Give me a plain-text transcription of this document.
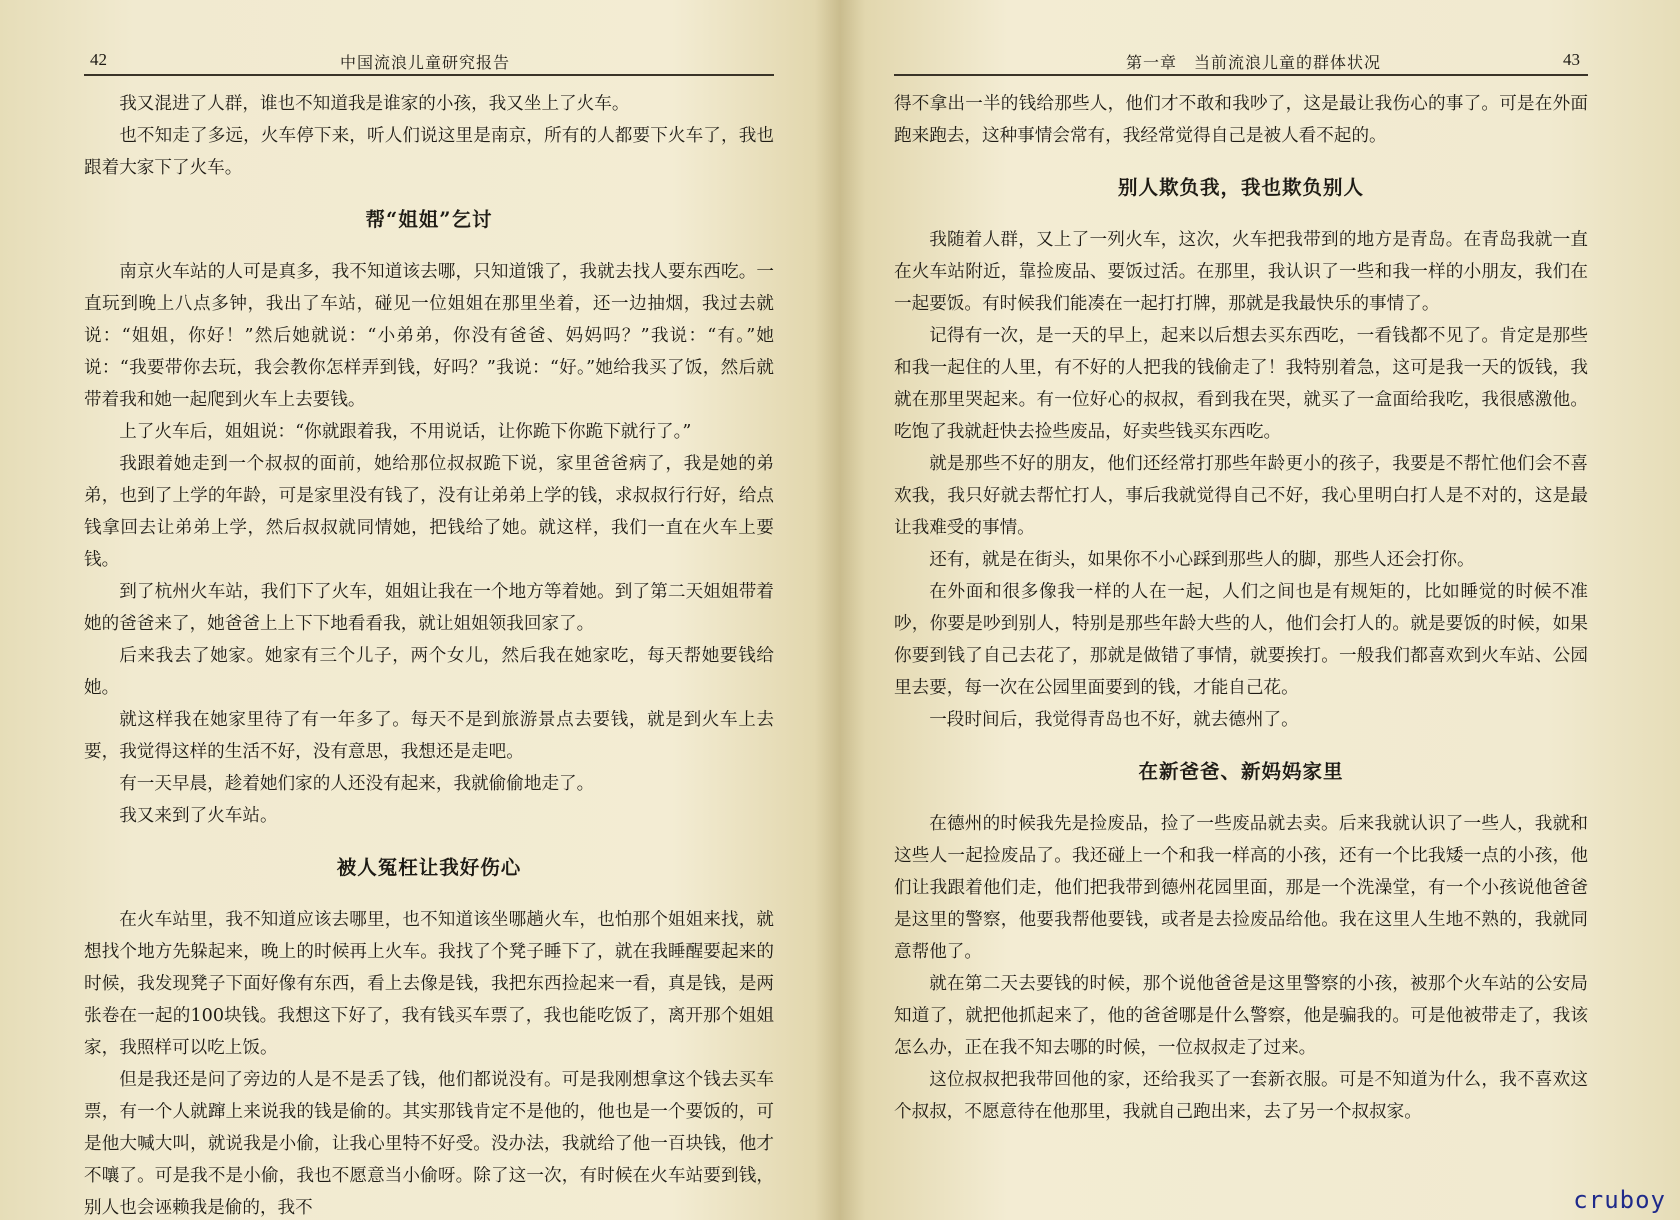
42	中国流浪儿童研究报告

我又混进了人群，谁也不知道我是谁家的小孩，我又坐上了火车。

也不知走了多远，火车停下来，听人们说这里是南京，所有的人都要下火车了，我也跟着大家下了火车。

帮“姐姐”乞讨

南京火车站的人可是真多，我不知道该去哪，只知道饿了，我就去找人要东西吃。一直玩到晚上八点多钟，我出了车站，碰见一位姐姐在那里坐着，还一边抽烟，我过去就说：“姐姐，你好！”然后她就说：“小弟弟，你没有爸爸、妈妈吗？”我说：“有。”她说：“我要带你去玩，我会教你怎样弄到钱，好吗？”我说：“好。”她给我买了饭，然后就带着我和她一起爬到火车上去要钱。

上了火车后，姐姐说：“你就跟着我，不用说话，让你跪下你跪下就行了。”

我跟着她走到一个叔叔的面前，她给那位叔叔跪下说，家里爸爸病了，我是她的弟弟，也到了上学的年龄，可是家里没有钱了，没有让弟弟上学的钱，求叔叔行行好，给点钱拿回去让弟弟上学，然后叔叔就同情她，把钱给了她。就这样，我们一直在火车上要钱。

到了杭州火车站，我们下了火车，姐姐让我在一个地方等着她。到了第二天姐姐带着她的爸爸来了，她爸爸上上下下地看看我，就让姐姐领我回家了。

后来我去了她家。她家有三个儿子，两个女儿，然后我在她家吃，每天帮她要钱给她。

就这样我在她家里待了有一年多了。每天不是到旅游景点去要钱，就是到火车上去要，我觉得这样的生活不好，没有意思，我想还是走吧。

有一天早晨，趁着她们家的人还没有起来，我就偷偷地走了。

我又来到了火车站。

被人冤枉让我好伤心

在火车站里，我不知道应该去哪里，也不知道该坐哪趟火车，也怕那个姐姐来找，就想找个地方先躲起来，晚上的时候再上火车。我找了个凳子睡下了，就在我睡醒要起来的时候，我发现凳子下面好像有东西，看上去像是钱，我把东西捡起来一看，真是钱，是两张卷在一起的100块钱。我想这下好了，我有钱买车票了，我也能吃饭了，离开那个姐姐家，我照样可以吃上饭。

但是我还是问了旁边的人是不是丢了钱，他们都说没有。可是我刚想拿这个钱去买车票，有一个人就蹿上来说我的钱是偷的。其实那钱肯定不是他的，他也是一个要饭的，可是他大喊大叫，就说我是小偷，让我心里特不好受。没办法，我就给了他一百块钱，他才不嚷了。可是我不是小偷，我也不愿意当小偷呀。除了这一次，有时候在火车站要到钱，别人也会诬赖我是偷的，我不

第一章　当前流浪儿童的群体状况	43

得不拿出一半的钱给那些人，他们才不敢和我吵了，这是最让我伤心的事了。可是在外面跑来跑去，这种事情会常有，我经常觉得自己是被人看不起的。

别人欺负我，我也欺负别人

我随着人群，又上了一列火车，这次，火车把我带到的地方是青岛。在青岛我就一直在火车站附近，靠捡废品、要饭过活。在那里，我认识了一些和我一样的小朋友，我们在一起要饭。有时候我们能凑在一起打打牌，那就是我最快乐的事情了。

记得有一次，是一天的早上，起来以后想去买东西吃，一看钱都不见了。肯定是那些和我一起住的人里，有不好的人把我的钱偷走了！我特别着急，这可是我一天的饭钱，我就在那里哭起来。有一位好心的叔叔，看到我在哭，就买了一盒面给我吃，我很感激他。吃饱了我就赶快去捡些废品，好卖些钱买东西吃。

就是那些不好的朋友，他们还经常打那些年龄更小的孩子，我要是不帮忙他们会不喜欢我，我只好就去帮忙打人，事后我就觉得自己不好，我心里明白打人是不对的，这是最让我难受的事情。

还有，就是在街头，如果你不小心踩到那些人的脚，那些人还会打你。

在外面和很多像我一样的人在一起，人们之间也是有规矩的，比如睡觉的时候不准吵，你要是吵到别人，特别是那些年龄大些的人，他们会打人的。就是要饭的时候，如果你要到钱了自己去花了，那就是做错了事情，就要挨打。一般我们都喜欢到火车站、公园里去要，每一次在公园里面要到的钱，才能自己花。

一段时间后，我觉得青岛也不好，就去德州了。

在新爸爸、新妈妈家里

在德州的时候我先是捡废品，捡了一些废品就去卖。后来我就认识了一些人，我就和这些人一起捡废品了。我还碰上一个和我一样高的小孩，还有一个比我矮一点的小孩，他们让我跟着他们走，他们把我带到德州花园里面，那是一个洗澡堂，有一个小孩说他爸爸是这里的警察，他要我帮他要钱，或者是去捡废品给他。我在这里人生地不熟的，我就同意帮他了。

就在第二天去要钱的时候，那个说他爸爸是这里警察的小孩，被那个火车站的公安局知道了，就把他抓起来了，他的爸爸哪是什么警察，他是骗我的。可是他被带走了，我该怎么办，正在我不知去哪的时候，一位叔叔走了过来。

这位叔叔把我带回他的家，还给我买了一套新衣服。可是不知道为什么，我不喜欢这个叔叔，不愿意待在他那里，我就自己跑出来，去了另一个叔叔家。

cruboy
